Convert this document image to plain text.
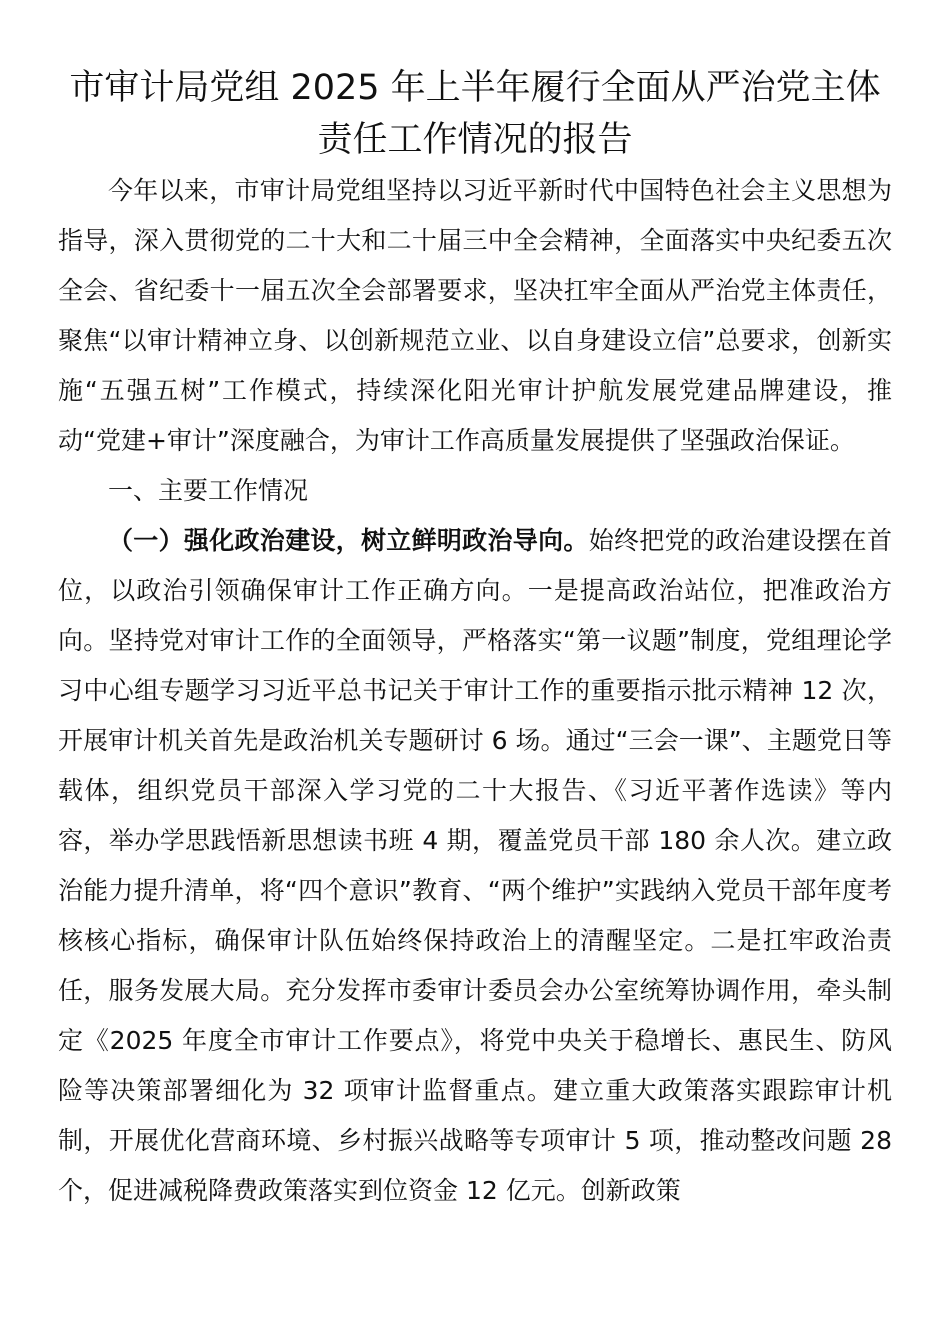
市审计局党组 2025 年上半年履行全面从严治党主体
责任工作情况的报告

今年以来，市审计局党组坚持以习近平新时代中国特色社会主义思想为指导，深入贯彻党的二十大和二十届三中全会精神，全面落实中央纪委五次全会、省纪委十一届五次全会部署要求，坚决扛牢全面从严治党主体责任，聚焦“以审计精神立身、以创新规范立业、以自身建设立信”总要求，创新实施“五强五树”工作模式，持续深化阳光审计护航发展党建品牌建设，推动“党建+审计”深度融合，为审计工作高质量发展提供了坚强政治保证。

一、主要工作情况

（一）强化政治建设，树立鲜明政治导向。始终把党的政治建设摆在首位，以政治引领确保审计工作正确方向。一是提高政治站位，把准政治方向。坚持党对审计工作的全面领导，严格落实“第一议题”制度，党组理论学习中心组专题学习习近平总书记关于审计工作的重要指示批示精神 12 次，开展审计机关首先是政治机关专题研讨 6 场。通过“三会一课”、主题党日等载体，组织党员干部深入学习党的二十大报告、《习近平著作选读》等内容，举办学思践悟新思想读书班 4 期，覆盖党员干部 180 余人次。建立政治能力提升清单，将“四个意识”教育、“两个维护”实践纳入党员干部年度考核核心指标，确保审计队伍始终保持政治上的清醒坚定。二是扛牢政治责任，服务发展大局。充分发挥市委审计委员会办公室统筹协调作用，牵头制定《2025 年度全市审计工作要点》，将党中央关于稳增长、惠民生、防风险等决策部署细化为 32 项审计监督重点。建立重大政策落实跟踪审计机制，开展优化营商环境、乡村振兴战略等专项审计 5 项，推动整改问题 28 个，促进减税降费政策落实到位资金 12 亿元。创新政策
